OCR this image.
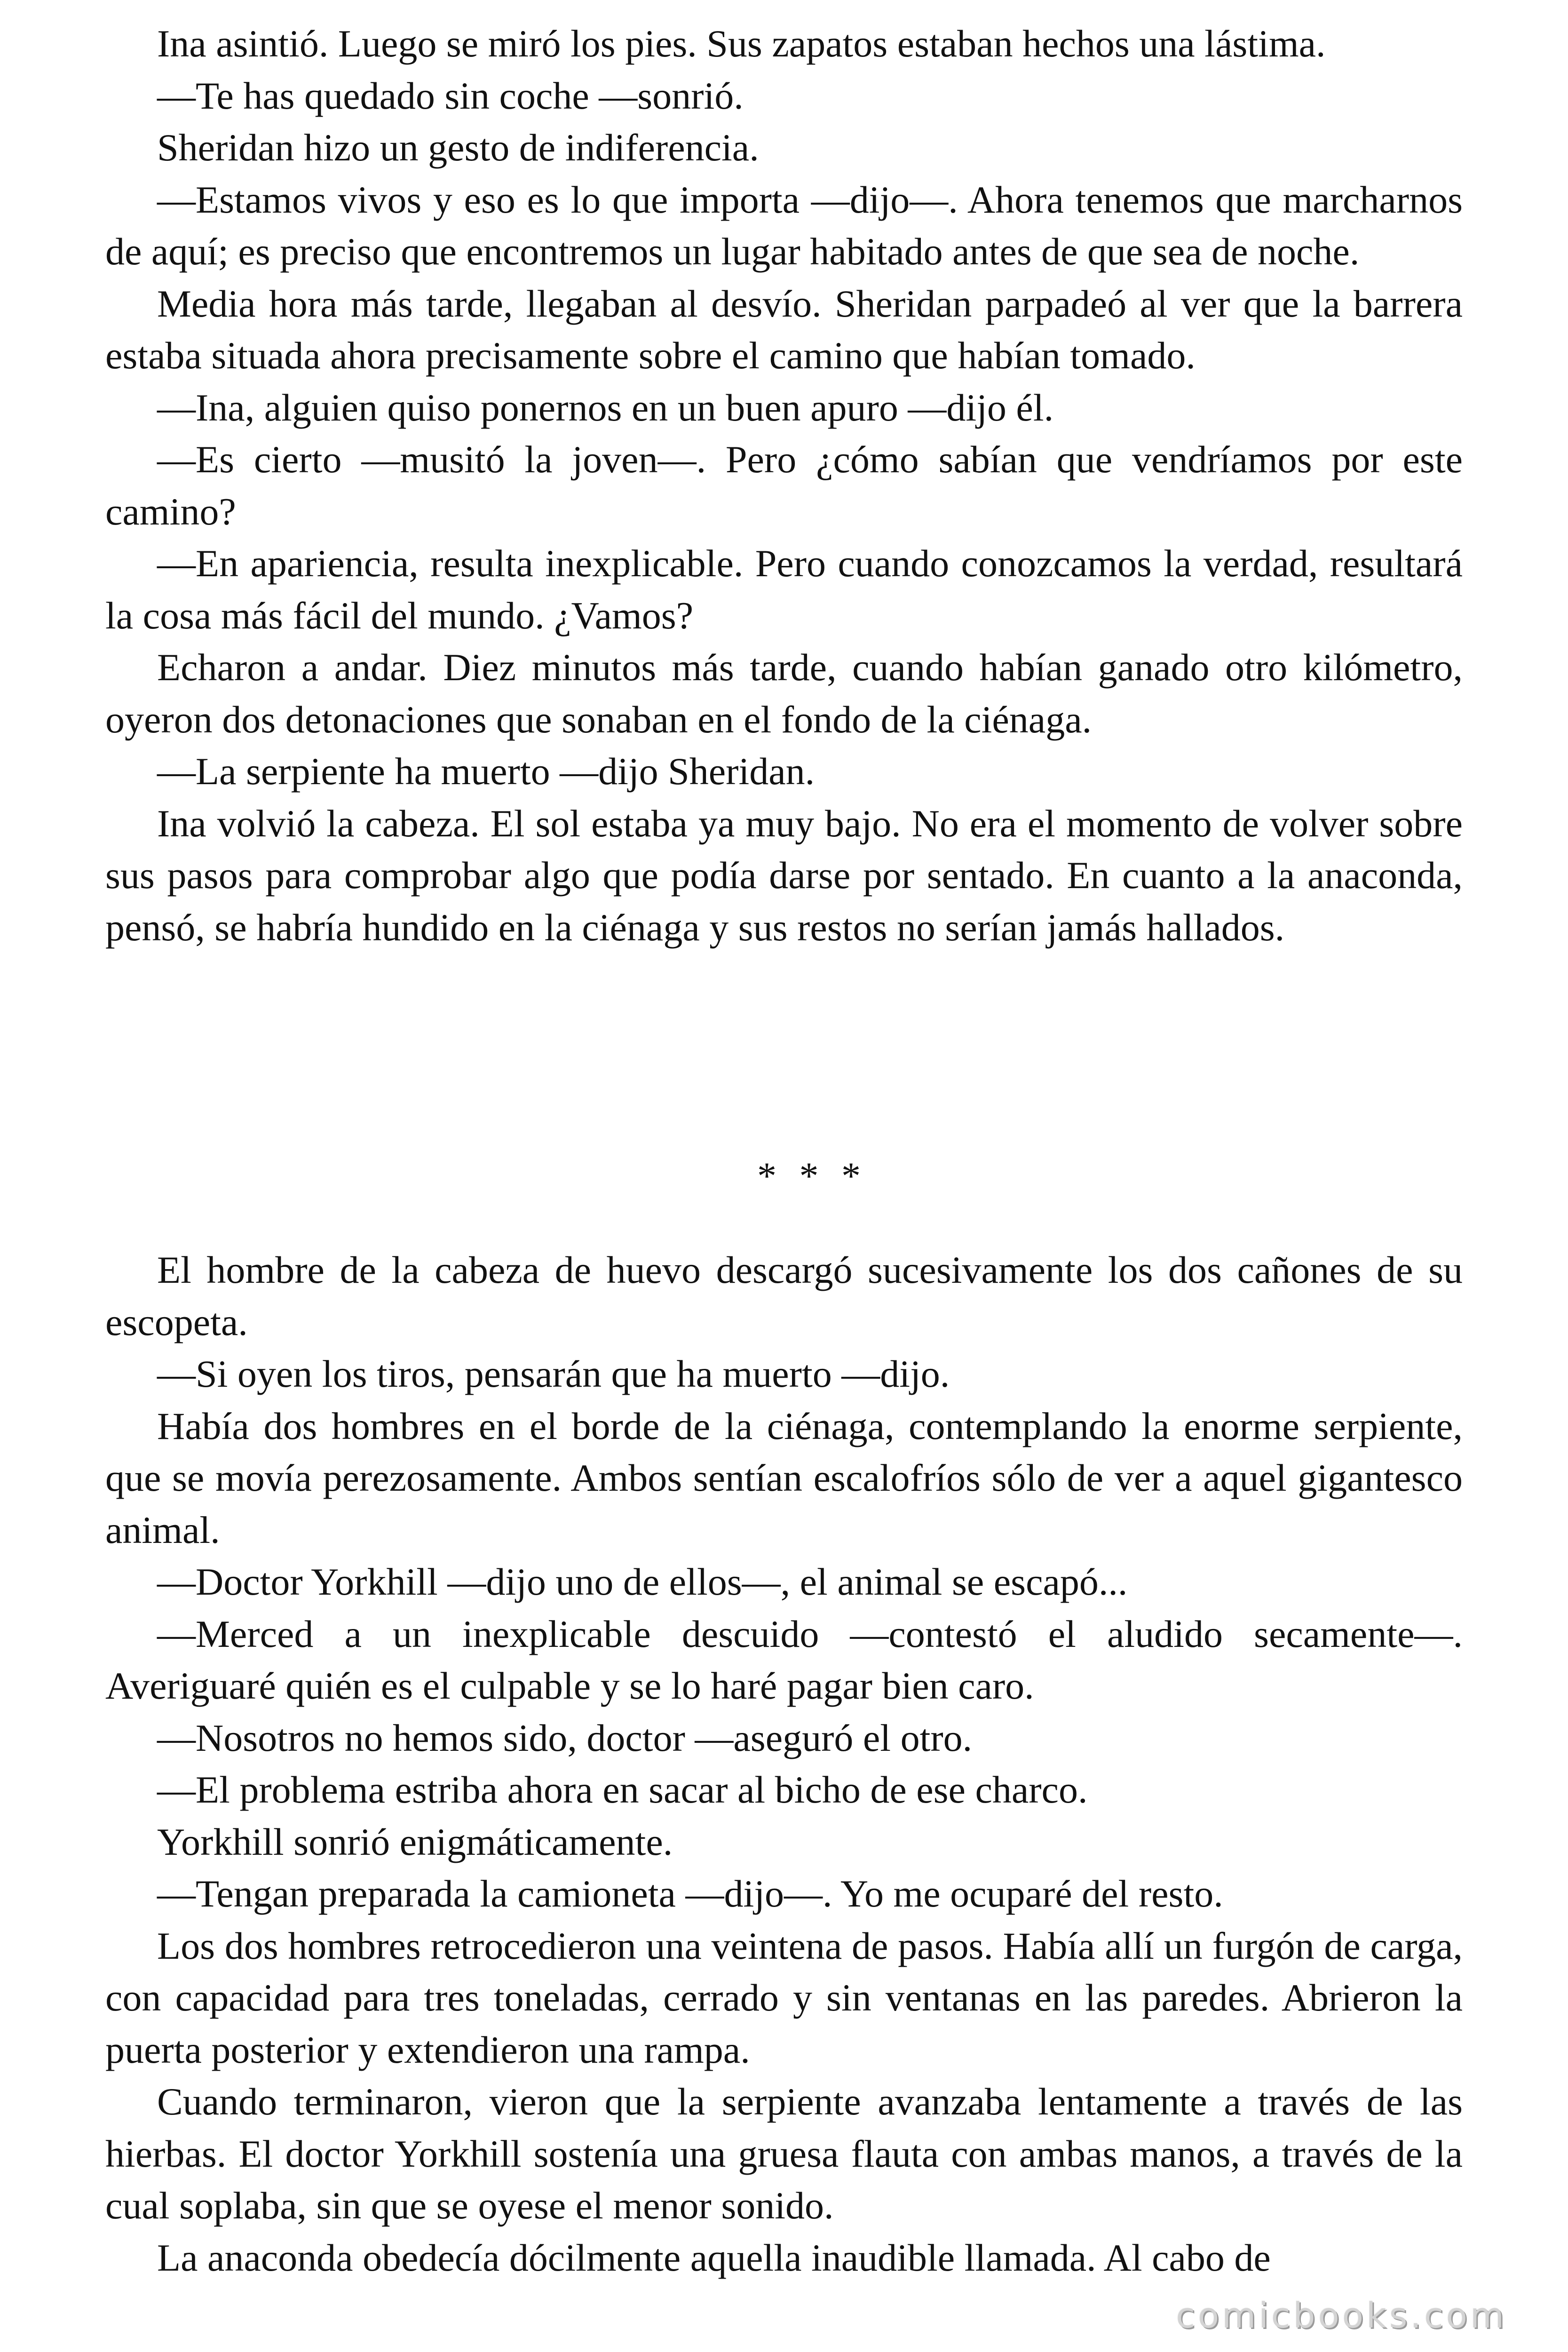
Ina asintió. Luego se miró los pies. Sus zapatos estaban hechos una lástima.

—Te has quedado sin coche —sonrió.

Sheridan hizo un gesto de indiferencia.

—Estamos vivos y eso es lo que importa —dijo—. Ahora tenemos que marcharnos de aquí; es preciso que encontremos un lugar habitado antes de que sea de noche.

Media hora más tarde, llegaban al desvío. Sheridan parpadeó al ver que la barrera estaba situada ahora precisamente sobre el camino que habían tomado.

—Ina, alguien quiso ponernos en un buen apuro —dijo él.

—Es cierto —musitó la joven—. Pero ¿cómo sabían que vendríamos por este camino?

—En apariencia, resulta inexplicable. Pero cuando conozcamos la verdad, resultará la cosa más fácil del mundo. ¿Vamos?

Echaron a andar. Diez minutos más tarde, cuando habían ganado otro kilómetro, oyeron dos detonaciones que sonaban en el fondo de la ciénaga.

—La serpiente ha muerto —dijo Sheridan.

Ina volvió la cabeza. El sol estaba ya muy bajo. No era el momento de volver sobre sus pasos para comprobar algo que podía darse por sentado. En cuanto a la anaconda, pensó, se habría hundido en la ciénaga y sus restos no serían jamás hallados.

* * *

El hombre de la cabeza de huevo descargó sucesivamente los dos cañones de su escopeta.

—Si oyen los tiros, pensarán que ha muerto —dijo.

Había dos hombres en el borde de la ciénaga, contemplando la enorme serpiente, que se movía perezosamente. Ambos sentían escalofríos sólo de ver a aquel gigantesco animal.

—Doctor Yorkhill —dijo uno de ellos—, el animal se escapó...

—Merced a un inexplicable descuido —contestó el aludido secamente—. Averiguaré quién es el culpable y se lo haré pagar bien caro.

—Nosotros no hemos sido, doctor —aseguró el otro.

—El problema estriba ahora en sacar al bicho de ese charco.

Yorkhill sonrió enigmáticamente.

—Tengan preparada la camioneta —dijo—. Yo me ocuparé del resto.

Los dos hombres retrocedieron una veintena de pasos. Había allí un furgón de carga, con capacidad para tres toneladas, cerrado y sin ventanas en las paredes. Abrieron la puerta posterior y extendieron una rampa.

Cuando terminaron, vieron que la serpiente avanzaba lentamente a través de las hierbas. El doctor Yorkhill sostenía una gruesa flauta con ambas manos, a través de la cual soplaba, sin que se oyese el menor sonido.

La anaconda obedecía dócilmente aquella inaudible llamada. Al cabo de

comicbooks.com
